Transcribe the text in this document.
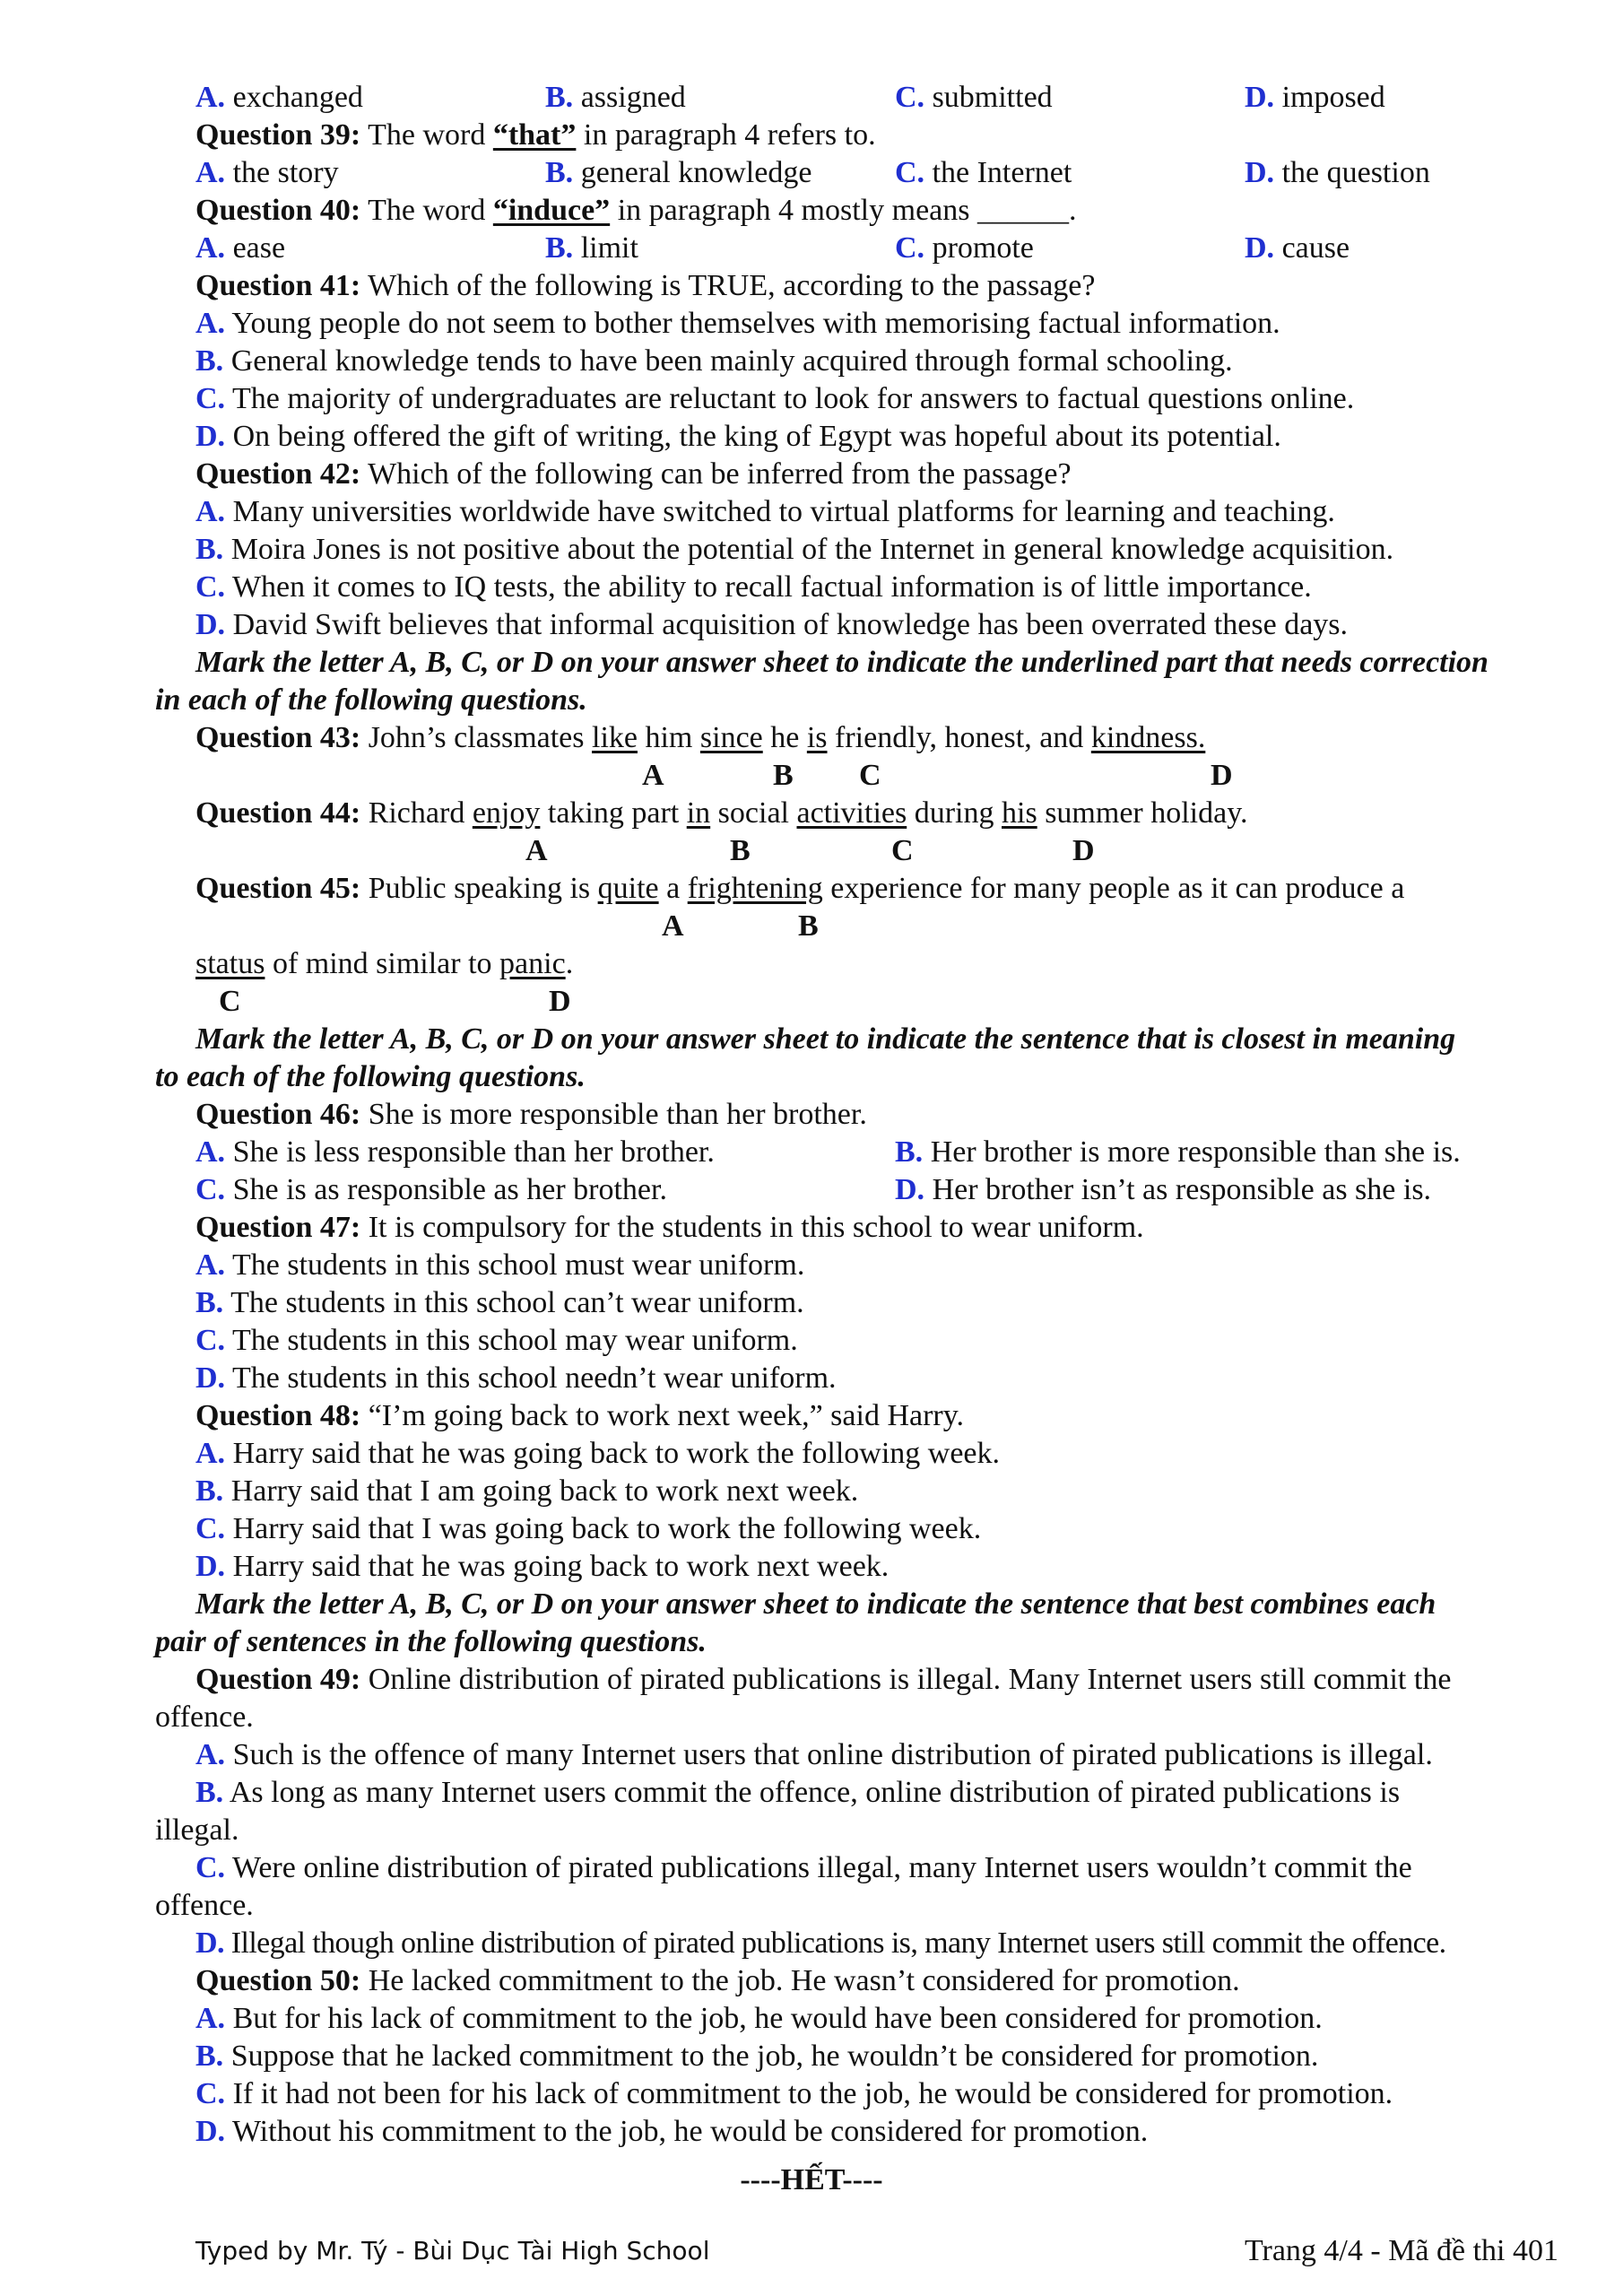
A. exchanged	B. assigned	C. submitted	D. imposed
Question 39: The word “that” in paragraph 4 refers to.
A. the story	B. general knowledge	C. the Internet	D. the question
Question 40: The word “induce” in paragraph 4 mostly means ______.
A. ease	B. limit	C. promote	D. cause
Question 41: Which of the following is TRUE, according to the passage?
A. Young people do not seem to bother themselves with memorising factual information.
B. General knowledge tends to have been mainly acquired through formal schooling.
C. The majority of undergraduates are reluctant to look for answers to factual questions online.
D. On being offered the gift of writing, the king of Egypt was hopeful about its potential.
Question 42: Which of the following can be inferred from the passage?
A. Many universities worldwide have switched to virtual platforms for learning and teaching.
B. Moira Jones is not positive about the potential of the Internet in general knowledge acquisition.
C. When it comes to IQ tests, the ability to recall factual information is of little importance.
D. David Swift believes that informal acquisition of knowledge has been overrated these days.
Mark the letter A, B, C, or D on your answer sheet to indicate the underlined part that needs correction
in each of the following questions.
Question 43: John’s classmates like him since he is friendly, honest, and kindness.
A	B C	D
Question 44: Richard enjoy taking part in social activities during his summer holiday.
A	B	C	D
Question 45: Public speaking is quite a frightening experience for many people as it can produce a
A	B
status of mind similar to panic.
C	D
Mark the letter A, B, C, or D on your answer sheet to indicate the sentence that is closest in meaning
to each of the following questions.
Question 46: She is more responsible than her brother.
A. She is less responsible than her brother.	B. Her brother is more responsible than she is.
C. She is as responsible as her brother.	D. Her brother isn’t as responsible as she is.
Question 47: It is compulsory for the students in this school to wear uniform.
A. The students in this school must wear uniform.
B. The students in this school can’t wear uniform.
C. The students in this school may wear uniform.
D. The students in this school needn’t wear uniform.
Question 48: “I’m going back to work next week,” said Harry.
A. Harry said that he was going back to work the following week.
B. Harry said that I am going back to work next week.
C. Harry said that I was going back to work the following week.
D. Harry said that he was going back to work next week.
Mark the letter A, B, C, or D on your answer sheet to indicate the sentence that best combines each
pair of sentences in the following questions.
Question 49: Online distribution of pirated publications is illegal. Many Internet users still commit the
offence.
A. Such is the offence of many Internet users that online distribution of pirated publications is illegal.
B. As long as many Internet users commit the offence, online distribution of pirated publications is
illegal.
C. Were online distribution of pirated publications illegal, many Internet users wouldn’t commit the
offence.
D. Illegal though online distribution of pirated publications is, many Internet users still commit the offence.
Question 50: He lacked commitment to the job. He wasn’t considered for promotion.
A. But for his lack of commitment to the job, he would have been considered for promotion.
B. Suppose that he lacked commitment to the job, he wouldn’t be considered for promotion.
C. If it had not been for his lack of commitment to the job, he would be considered for promotion.
D. Without his commitment to the job, he would be considered for promotion.
----HẾT----
Typed by Mr. Tý - Bùi Dục Tài High School	Trang 4/4 - Mã đề thi 401
